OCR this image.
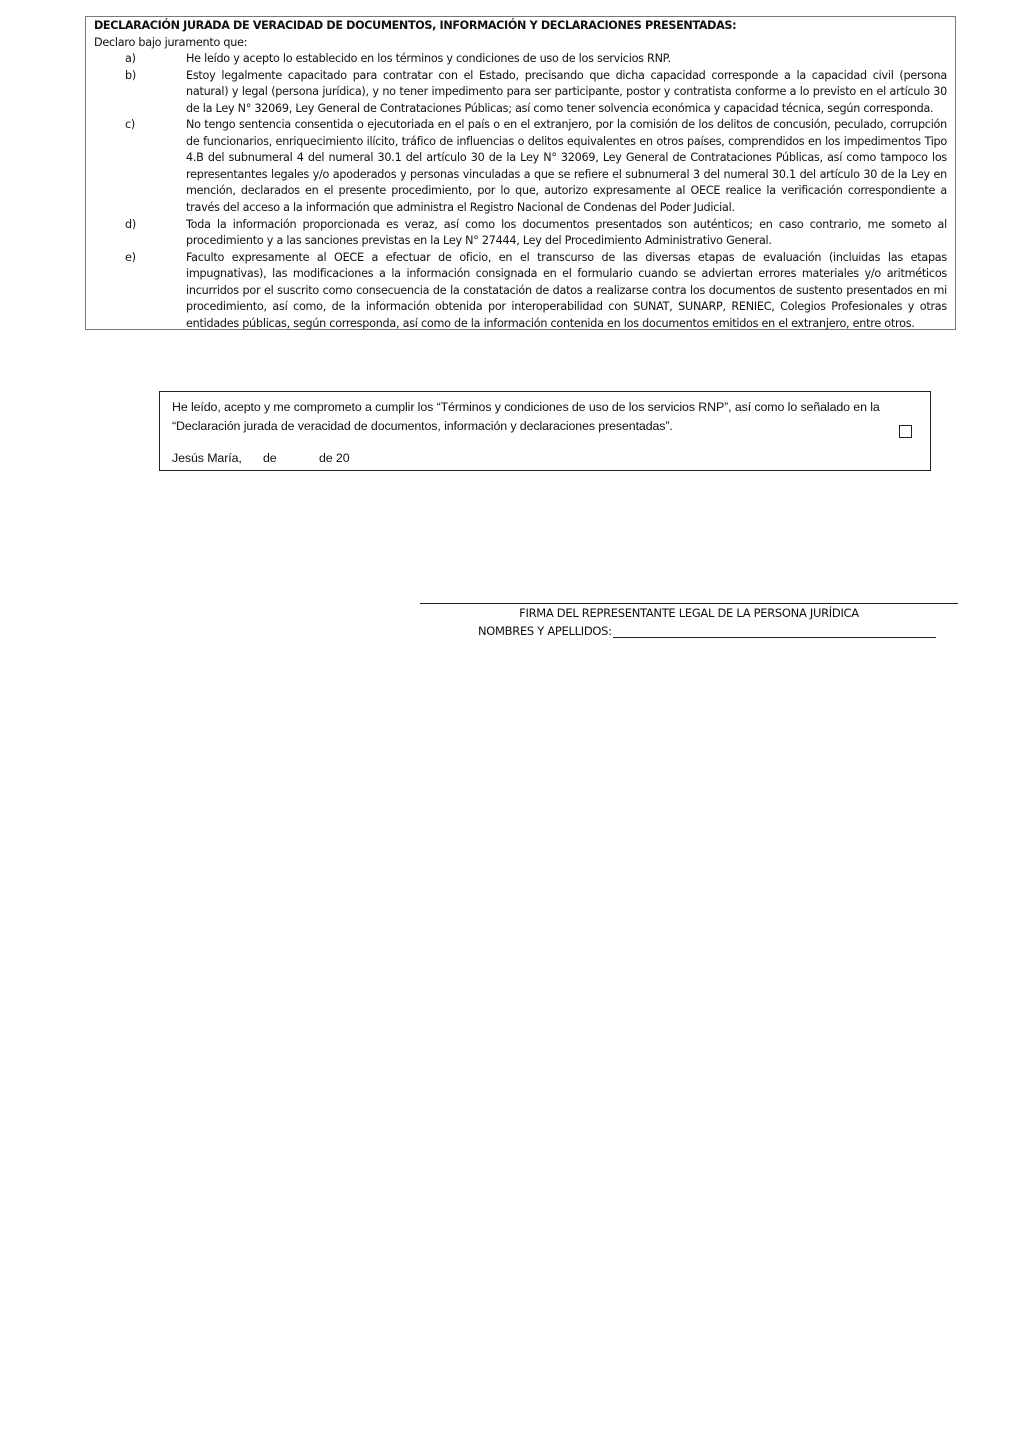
DECLARACIÓN JURADA DE VERACIDAD DE DOCUMENTOS, INFORMACIÓN Y DECLARACIONES PRESENTADAS:
Declaro bajo juramento que:
a)	He leído y acepto lo establecido en los términos y condiciones de uso de los servicios RNP.
b)	Estoy legalmente capacitado para contratar con el Estado, precisando que dicha capacidad corresponde a la capacidad civil (persona natural) y legal (persona jurídica), y no tener impedimento para ser participante, postor y contratista conforme a lo previsto en el artículo 30 de la Ley N° 32069, Ley General de Contrataciones Públicas; así como tener solvencia económica y capacidad técnica, según corresponda.
c)	No tengo sentencia consentida o ejecutoriada en el país o en el extranjero, por la comisión de los delitos de concusión, peculado, corrupción de funcionarios, enriquecimiento ilícito, tráfico de influencias o delitos equivalentes en otros países, comprendidos en los impedimentos Tipo 4.B del subnumeral 4 del numeral 30.1 del artículo 30 de la Ley N° 32069, Ley General de Contrataciones Públicas, así como tampoco los representantes legales y/o apoderados y personas vinculadas a que se refiere el subnumeral 3 del numeral 30.1 del artículo 30 de la Ley en mención, declarados en el presente procedimiento, por lo que, autorizo expresamente al OECE realice la verificación correspondiente a través del acceso a la información que administra el Registro Nacional de Condenas del Poder Judicial.
d)	Toda la información proporcionada es veraz, así como los documentos presentados son auténticos; en caso contrario, me someto al procedimiento y a las sanciones previstas en la Ley N° 27444, Ley del Procedimiento Administrativo General.
e)	Faculto expresamente al OECE a efectuar de oficio, en el transcurso de las diversas etapas de evaluación (incluidas las etapas impugnativas), las modificaciones a la información consignada en el formulario cuando se adviertan errores materiales y/o aritméticos incurridos por el suscrito como consecuencia de la constatación de datos a realizarse contra los documentos de sustento presentados en mi procedimiento, así como, de la información obtenida por interoperabilidad con SUNAT, SUNARP, RENIEC, Colegios Profesionales y otras entidades públicas, según corresponda, así como de la información contenida en los documentos emitidos en el extranjero, entre otros.
He leído, acepto y me comprometo a cumplir los “Términos y condiciones de uso de los servicios RNP”, así como lo señalado en la “Declaración jurada de veracidad de documentos, información y declaraciones presentadas”.
Jesús María, de	de 20
FIRMA DEL REPRESENTANTE LEGAL DE LA PERSONA JURÍDICA
NOMBRES Y APELLIDOS:
